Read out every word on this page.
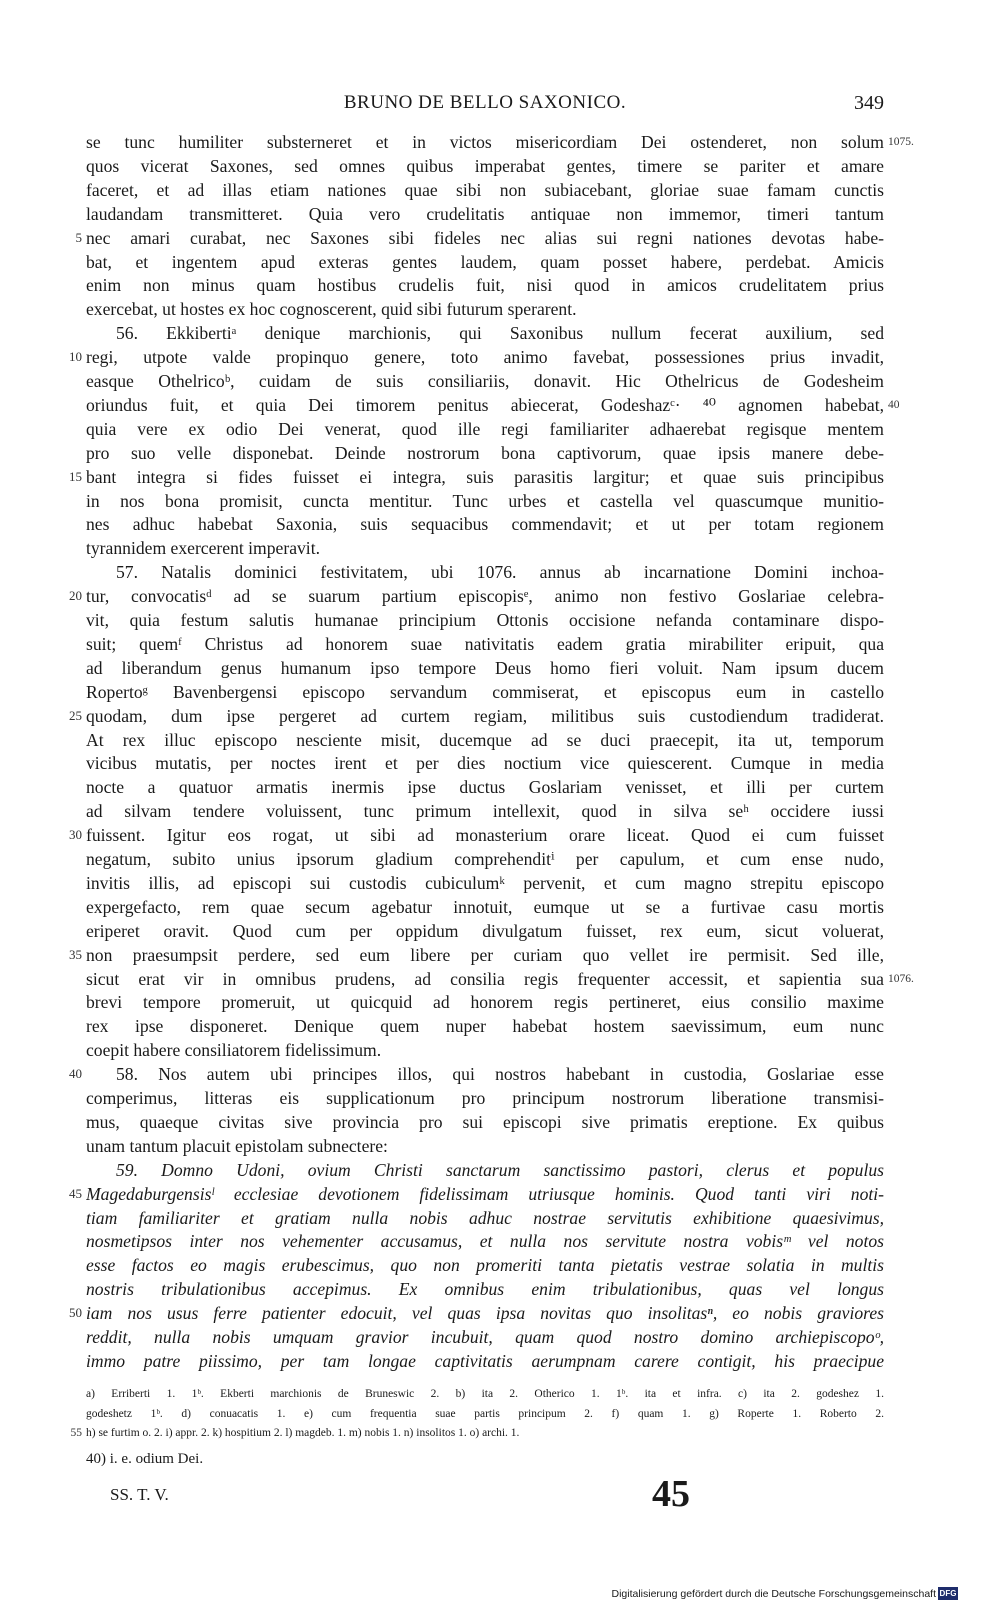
BRUNO DE BELLO SAXONICO.	349
se tunc humiliter substerneret et in victos misericordiam Dei ostenderet, non solum 1075.
quos vicerat Saxones, sed omnes quibus imperabat gentes, timere se pariter et amare
faceret, et ad illas etiam nationes quae sibi non subiacebant, gloriae suae famam cunctis
laudandam transmitteret. Quia vero crudelitatis antiquae non immemor, timeri tantum
nec amari curabat, nec Saxones sibi fideles nec alias sui regni nationes devotas habe-
5
bat, et ingentem apud exteras gentes laudem, quam posset habere, perdebat. Amicis
enim non minus quam hostibus crudelis fuit, nisi quod in amicos crudelitatem prius
exercebat, ut hostes ex hoc cognoscerent, quid sibi futurum sperarent.
56. Ekkibertiᵃ denique marchionis, qui Saxonibus nullum fecerat auxilium, sed
regi, utpote valde propinquo genere, toto animo favebat, possessiones prius invadit,
10
easque Othelricoᵇ, cuidam de suis consiliariis, donavit. Hic Othelricus de Godesheim
oriundus fuit, et quia Dei timorem penitus abiecerat, Godeshazᶜ· ⁴⁰ agnomen habebat, 40
quia vere ex odio Dei venerat, quod ille regi familiariter adhaerebat regisque mentem
pro suo velle disponebat. Deinde nostrorum bona captivorum, quae ipsis manere debe-
bant integra si fides fuisset ei integra, suis parasitis largitur; et quae suis principibus
15
in nos bona promisit, cuncta mentitur. Tunc urbes et castella vel quascumque munitio-
nes adhuc habebat Saxonia, suis sequacibus commendavit; et ut per totam regionem
tyrannidem exercerent imperavit.
57. Natalis dominici festivitatem, ubi 1076. annus ab incarnatione Domini inchoa-
tur, convocatisᵈ ad se suarum partium episcopisᵉ, animo non festivo Goslariae celebra-
20
vit, quia festum salutis humanae principium Ottonis occisione nefanda contaminare dispo-
suit; quemᶠ Christus ad honorem suae nativitatis eadem gratia mirabiliter eripuit, qua
ad liberandum genus humanum ipso tempore Deus homo fieri voluit. Nam ipsum ducem
Ropertoᵍ Bavenbergensi episcopo servandum commiserat, et episcopus eum in castello
quodam, dum ipse pergeret ad curtem regiam, militibus suis custodiendum tradiderat.
25
At rex illuc episcopo nesciente misit, ducemque ad se duci praecepit, ita ut, temporum
vicibus mutatis, per noctes irent et per dies noctium vice quiescerent. Cumque in media
nocte a quatuor armatis inermis ipse ductus Goslariam venisset, et illi per curtem
ad silvam tendere voluissent, tunc primum intellexit, quod in silva seʰ occidere iussi
fuissent. Igitur eos rogat, ut sibi ad monasterium orare liceat. Quod ei cum fuisset
30
negatum, subito unius ipsorum gladium comprehenditⁱ per capulum, et cum ense nudo,
invitis illis, ad episcopi sui custodis cubiculumᵏ pervenit, et cum magno strepitu episcopo
expergefacto, rem quae secum agebatur innotuit, eumque ut se a furtivae casu mortis
eriperet oravit. Quod cum per oppidum divulgatum fuisset, rex eum, sicut voluerat,
non praesumpsit perdere, sed eum libere per curiam quo vellet ire permisit. Sed ille,
35
sicut erat vir in omnibus prudens, ad consilia regis frequenter accessit, et sapientia sua 1076.
brevi tempore promeruit, ut quicquid ad honorem regis pertineret, eius consilio maxime
rex ipse disponeret. Denique quem nuper habebat hostem saevissimum, eum nunc
coepit habere consiliatorem fidelissimum.
58. Nos autem ubi principes illos, qui nostros habebant in custodia, Goslariae esse
40
comperimus, litteras eis supplicationum pro principum nostrorum liberatione transmisi-
mus, quaeque civitas sive provincia pro sui episcopi sive primatis ereptione. Ex quibus
unam tantum placuit epistolam subnectere:
59. Domno Udoni, ovium Christi sanctarum sanctissimo pastori, clerus et populus
Magedaburgensisˡ ecclesiae devotionem fidelissimam utriusque hominis. Quod tanti viri noti-
45
tiam familiariter et gratiam nulla nobis adhuc nostrae servitutis exhibitione quaesivimus,
nosmetipsos inter nos vehementer accusamus, et nulla nos servitute nostra vobisᵐ vel notos
esse factos eo magis erubescimus, quo non promeriti tanta pietatis vestrae solatia in multis
nostris tribulationibus accepimus. Ex omnibus enim tribulationibus, quas vel longus
iam nos usus ferre patienter edocuit, vel quas ipsa novitas quo insolitasⁿ, eo nobis graviores
50
reddit, nulla nobis umquam gravior incubuit, quam quod nostro domino archiepiscopoᵒ,
immo patre piissimo, per tam longae captivitatis aerumpnam carere contigit, his praecipue
a) Erriberti 1. 1ᵇ. Ekberti marchionis de Bruneswic 2. b) ita 2. Otherico 1. 1ᵇ. ita et infra. c) ita 2. godeshez 1.
godeshetz 1ᵇ. d) conuacatis 1. e) cum frequentia suae partis principum 2. f) quam 1. g) Roperte 1. Roberto 2.
h) se furtim o. 2. i) appr. 2. k) hospitium 2. l) magdeb. 1. m) nobis 1. n) insolitos 1. o) archi. 1.
55
40) i. e. odium Dei.
SS. T. V.	45
Digitalisierung gefördert durch die Deutsche Forschungsgemeinschaft DFG
